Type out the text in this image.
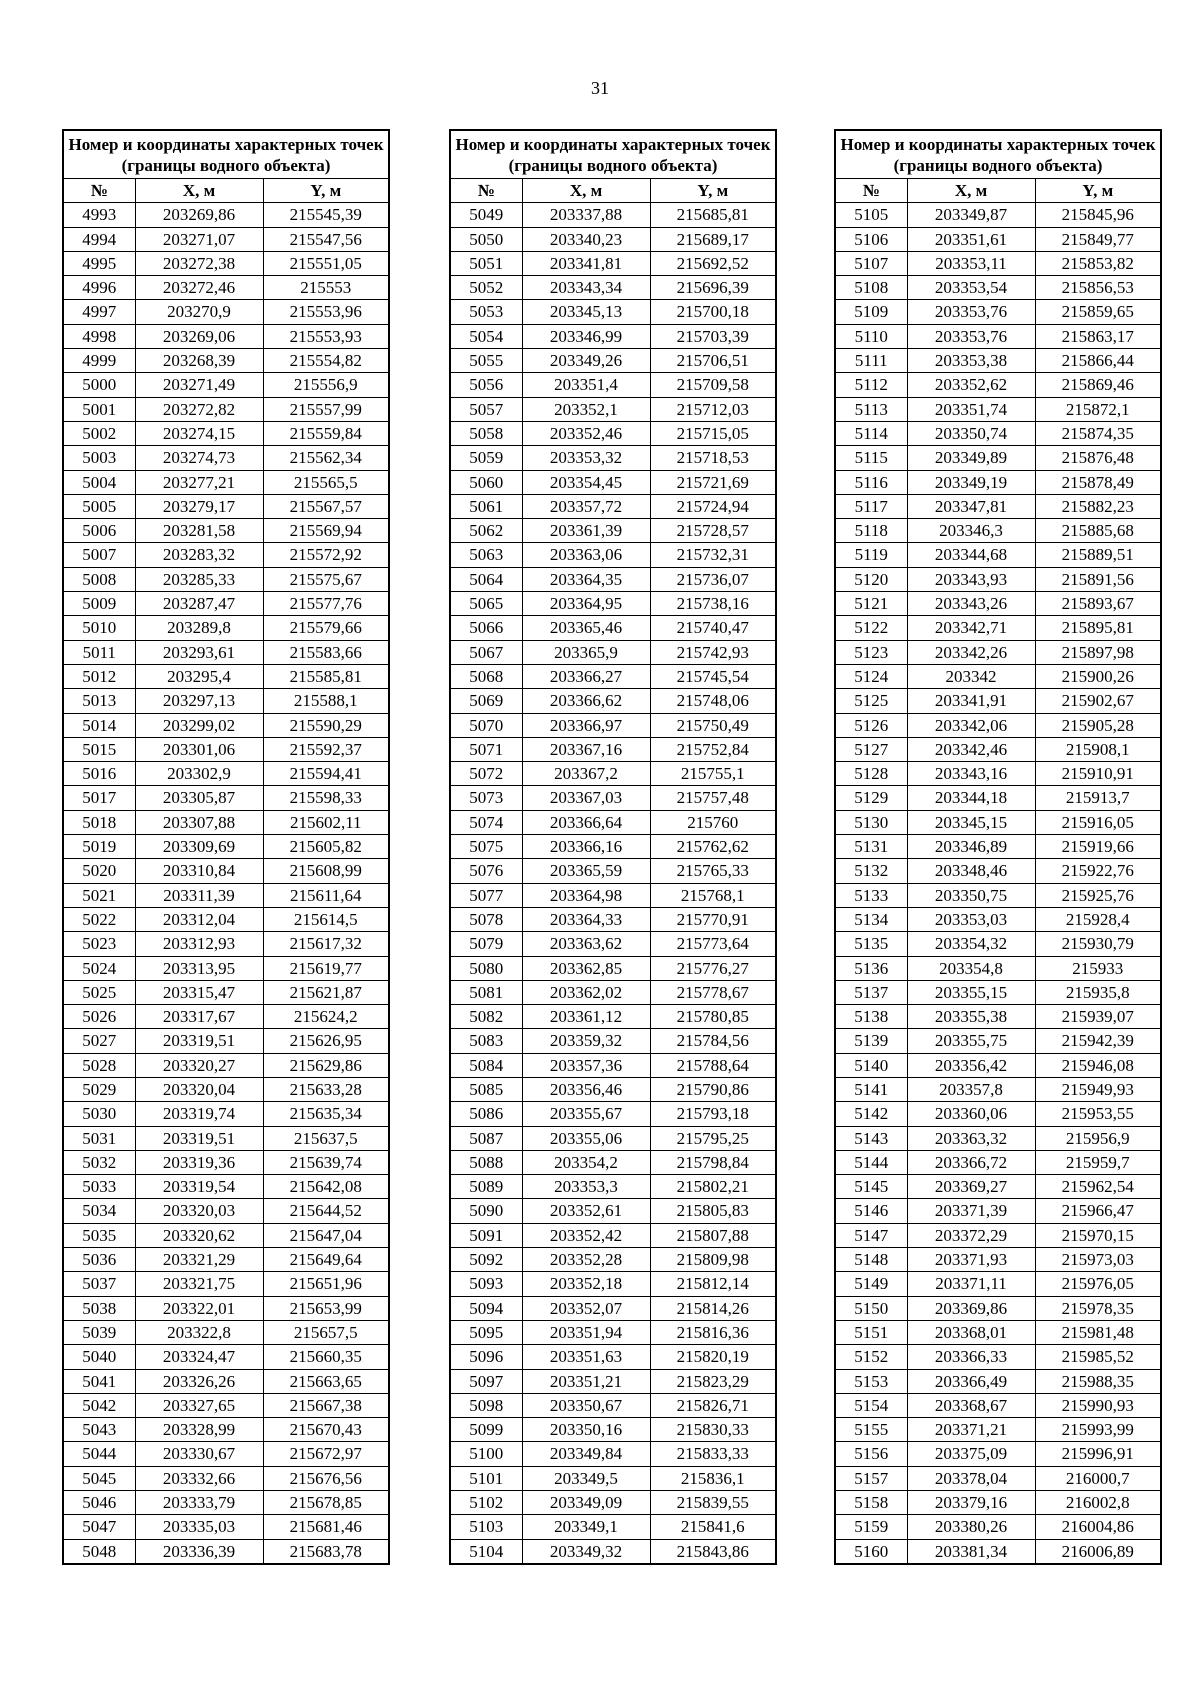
31
Номер и координаты характерных точек (границы водного объекта)		
№	X, м	Y, м
4993	203269,86	215545,39
4994	203271,07	215547,56
4995	203272,38	215551,05
4996	203272,46	215553
4997	203270,9	215553,96
4998	203269,06	215553,93
4999	203268,39	215554,82
5000	203271,49	215556,9
5001	203272,82	215557,99
5002	203274,15	215559,84
5003	203274,73	215562,34
5004	203277,21	215565,5
5005	203279,17	215567,57
5006	203281,58	215569,94
5007	203283,32	215572,92
5008	203285,33	215575,67
5009	203287,47	215577,76
5010	203289,8	215579,66
5011	203293,61	215583,66
5012	203295,4	215585,81
5013	203297,13	215588,1
5014	203299,02	215590,29
5015	203301,06	215592,37
5016	203302,9	215594,41
5017	203305,87	215598,33
5018	203307,88	215602,11
5019	203309,69	215605,82
5020	203310,84	215608,99
5021	203311,39	215611,64
5022	203312,04	215614,5
5023	203312,93	215617,32
5024	203313,95	215619,77
5025	203315,47	215621,87
5026	203317,67	215624,2
5027	203319,51	215626,95
5028	203320,27	215629,86
5029	203320,04	215633,28
5030	203319,74	215635,34
5031	203319,51	215637,5
5032	203319,36	215639,74
5033	203319,54	215642,08
5034	203320,03	215644,52
5035	203320,62	215647,04
5036	203321,29	215649,64
5037	203321,75	215651,96
5038	203322,01	215653,99
5039	203322,8	215657,5
5040	203324,47	215660,35
5041	203326,26	215663,65
5042	203327,65	215667,38
5043	203328,99	215670,43
5044	203330,67	215672,97
5045	203332,66	215676,56
5046	203333,79	215678,85
5047	203335,03	215681,46
5048	203336,39	215683,78
Номер и координаты характерных точек (границы водного объекта)		
№	X, м	Y, м
5049	203337,88	215685,81
5050	203340,23	215689,17
5051	203341,81	215692,52
5052	203343,34	215696,39
5053	203345,13	215700,18
5054	203346,99	215703,39
5055	203349,26	215706,51
5056	203351,4	215709,58
5057	203352,1	215712,03
5058	203352,46	215715,05
5059	203353,32	215718,53
5060	203354,45	215721,69
5061	203357,72	215724,94
5062	203361,39	215728,57
5063	203363,06	215732,31
5064	203364,35	215736,07
5065	203364,95	215738,16
5066	203365,46	215740,47
5067	203365,9	215742,93
5068	203366,27	215745,54
5069	203366,62	215748,06
5070	203366,97	215750,49
5071	203367,16	215752,84
5072	203367,2	215755,1
5073	203367,03	215757,48
5074	203366,64	215760
5075	203366,16	215762,62
5076	203365,59	215765,33
5077	203364,98	215768,1
5078	203364,33	215770,91
5079	203363,62	215773,64
5080	203362,85	215776,27
5081	203362,02	215778,67
5082	203361,12	215780,85
5083	203359,32	215784,56
5084	203357,36	215788,64
5085	203356,46	215790,86
5086	203355,67	215793,18
5087	203355,06	215795,25
5088	203354,2	215798,84
5089	203353,3	215802,21
5090	203352,61	215805,83
5091	203352,42	215807,88
5092	203352,28	215809,98
5093	203352,18	215812,14
5094	203352,07	215814,26
5095	203351,94	215816,36
5096	203351,63	215820,19
5097	203351,21	215823,29
5098	203350,67	215826,71
5099	203350,16	215830,33
5100	203349,84	215833,33
5101	203349,5	215836,1
5102	203349,09	215839,55
5103	203349,1	215841,6
5104	203349,32	215843,86
Номер и координаты характерных точек (границы водного объекта)		
№	X, м	Y, м
5105	203349,87	215845,96
5106	203351,61	215849,77
5107	203353,11	215853,82
5108	203353,54	215856,53
5109	203353,76	215859,65
5110	203353,76	215863,17
5111	203353,38	215866,44
5112	203352,62	215869,46
5113	203351,74	215872,1
5114	203350,74	215874,35
5115	203349,89	215876,48
5116	203349,19	215878,49
5117	203347,81	215882,23
5118	203346,3	215885,68
5119	203344,68	215889,51
5120	203343,93	215891,56
5121	203343,26	215893,67
5122	203342,71	215895,81
5123	203342,26	215897,98
5124	203342	215900,26
5125	203341,91	215902,67
5126	203342,06	215905,28
5127	203342,46	215908,1
5128	203343,16	215910,91
5129	203344,18	215913,7
5130	203345,15	215916,05
5131	203346,89	215919,66
5132	203348,46	215922,76
5133	203350,75	215925,76
5134	203353,03	215928,4
5135	203354,32	215930,79
5136	203354,8	215933
5137	203355,15	215935,8
5138	203355,38	215939,07
5139	203355,75	215942,39
5140	203356,42	215946,08
5141	203357,8	215949,93
5142	203360,06	215953,55
5143	203363,32	215956,9
5144	203366,72	215959,7
5145	203369,27	215962,54
5146	203371,39	215966,47
5147	203372,29	215970,15
5148	203371,93	215973,03
5149	203371,11	215976,05
5150	203369,86	215978,35
5151	203368,01	215981,48
5152	203366,33	215985,52
5153	203366,49	215988,35
5154	203368,67	215990,93
5155	203371,21	215993,99
5156	203375,09	215996,91
5157	203378,04	216000,7
5158	203379,16	216002,8
5159	203380,26	216004,86
5160	203381,34	216006,89
